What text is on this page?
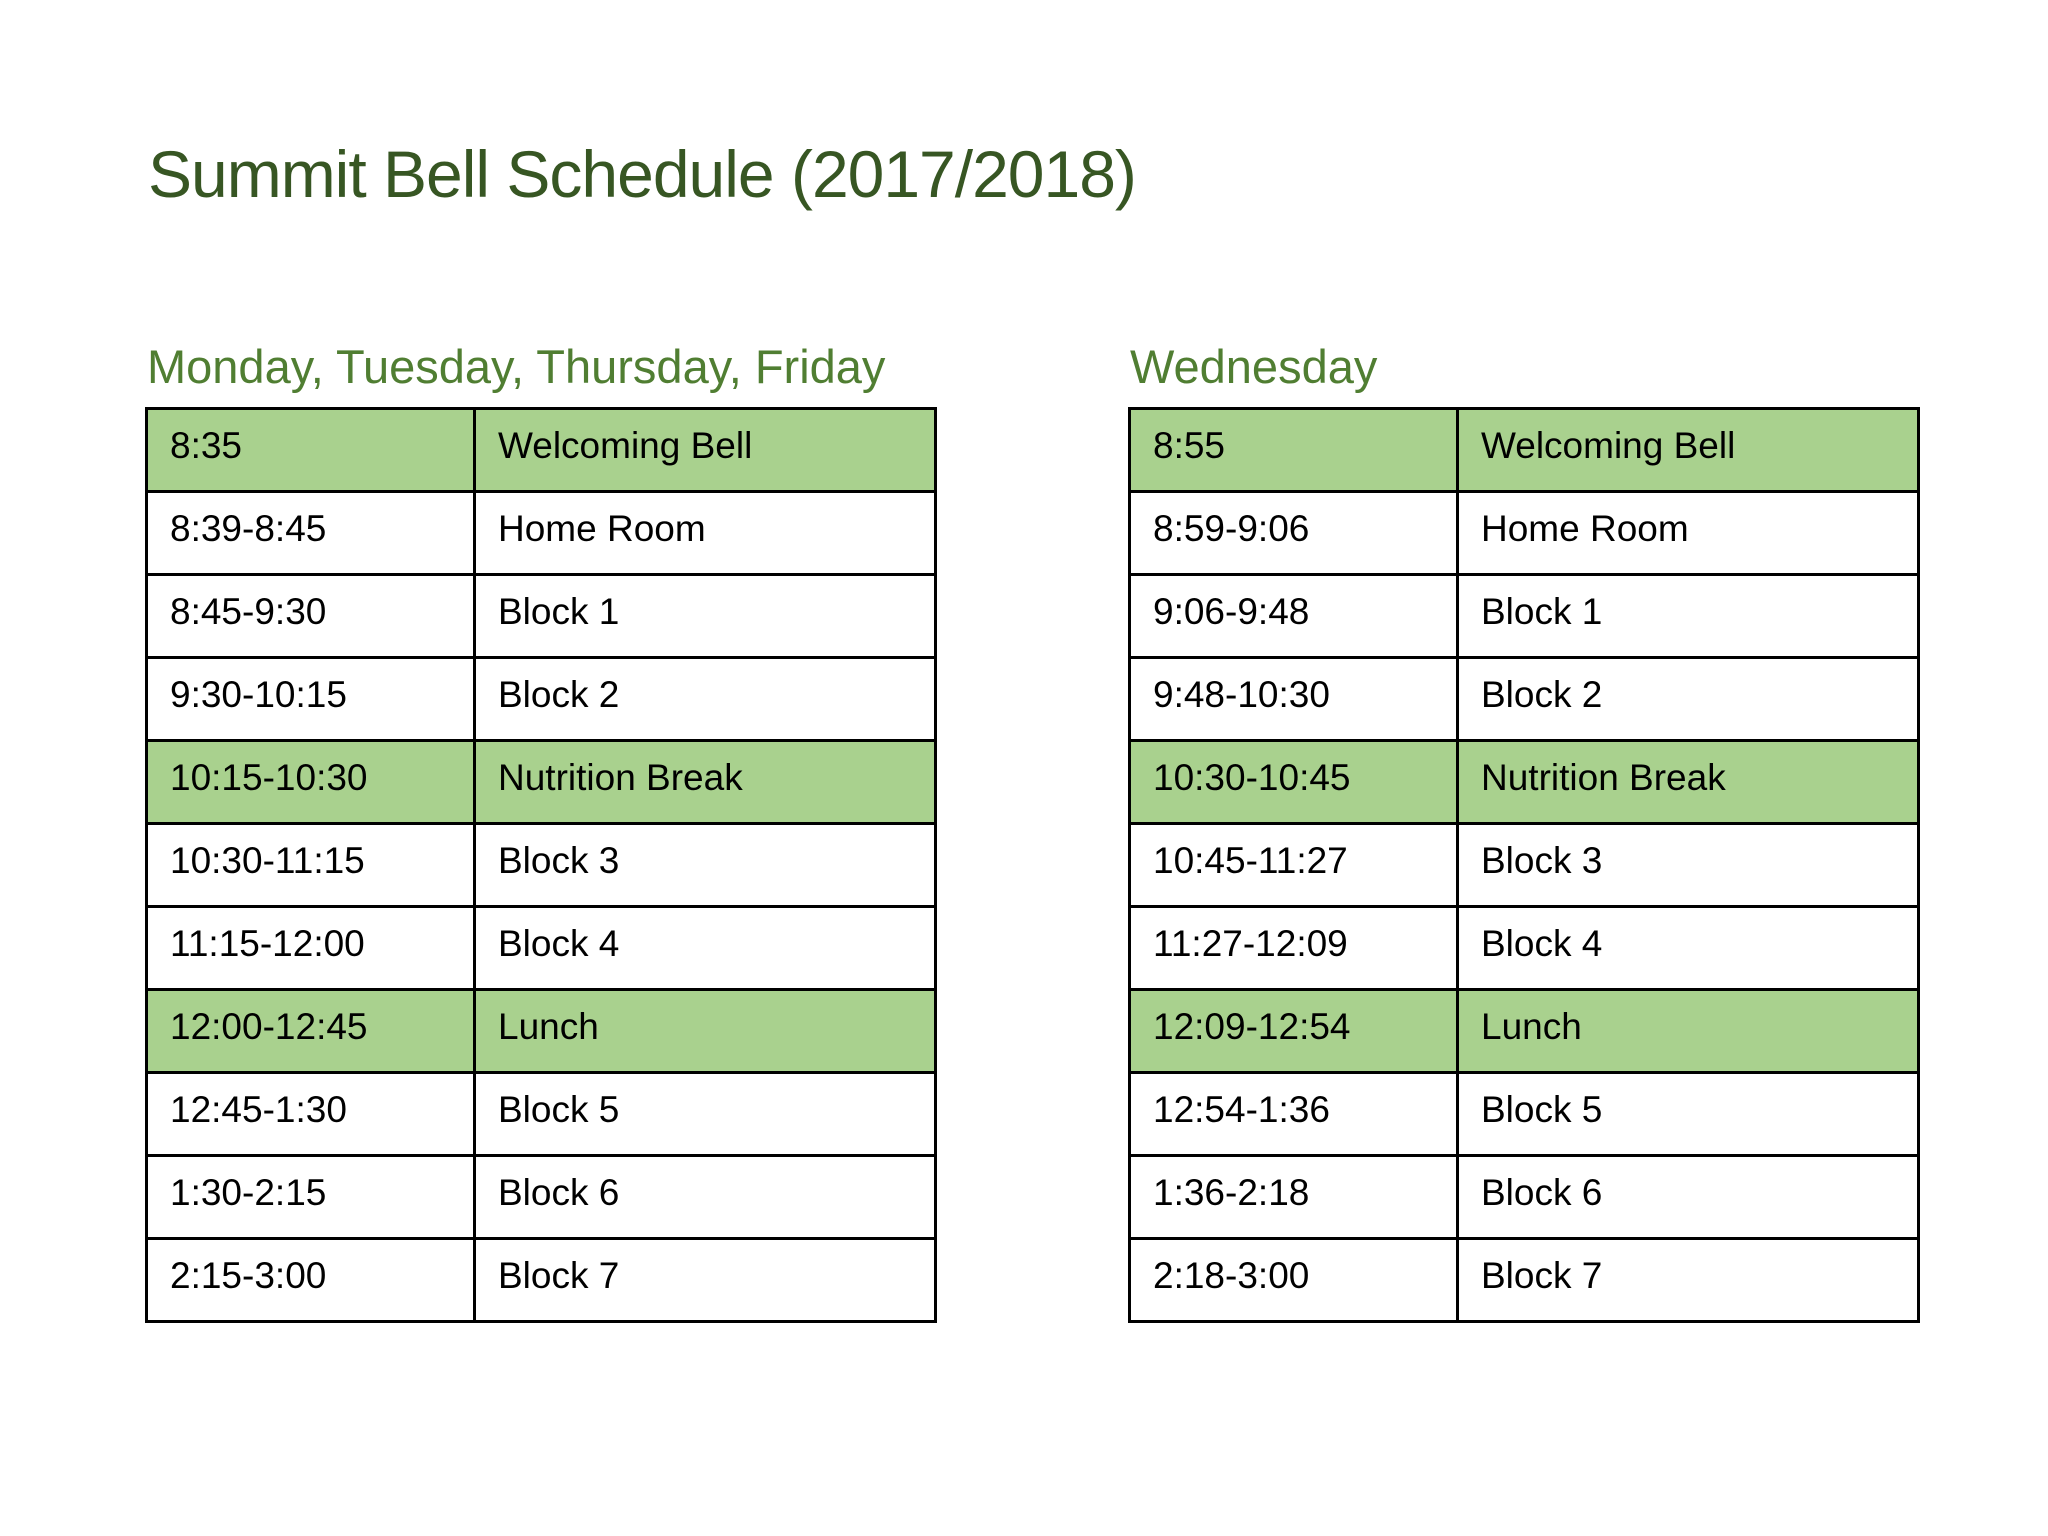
Summit Bell Schedule (2017/2018)
Monday, Tuesday, Thursday, Friday
8:35	Welcoming Bell
8:39-8:45	Home Room
8:45-9:30	Block 1
9:30-10:15	Block 2
10:15-10:30	Nutrition Break
10:30-11:15	Block 3
11:15-12:00	Block 4
12:00-12:45	Lunch
12:45-1:30	Block 5
1:30-2:15	Block 6
2:15-3:00	Block 7
Wednesday
8:55	Welcoming Bell
8:59-9:06	Home Room
9:06-9:48	Block 1
9:48-10:30	Block 2
10:30-10:45	Nutrition Break
10:45-11:27	Block 3
11:27-12:09	Block 4
12:09-12:54	Lunch
12:54-1:36	Block 5
1:36-2:18	Block 6
2:18-3:00	Block 7
